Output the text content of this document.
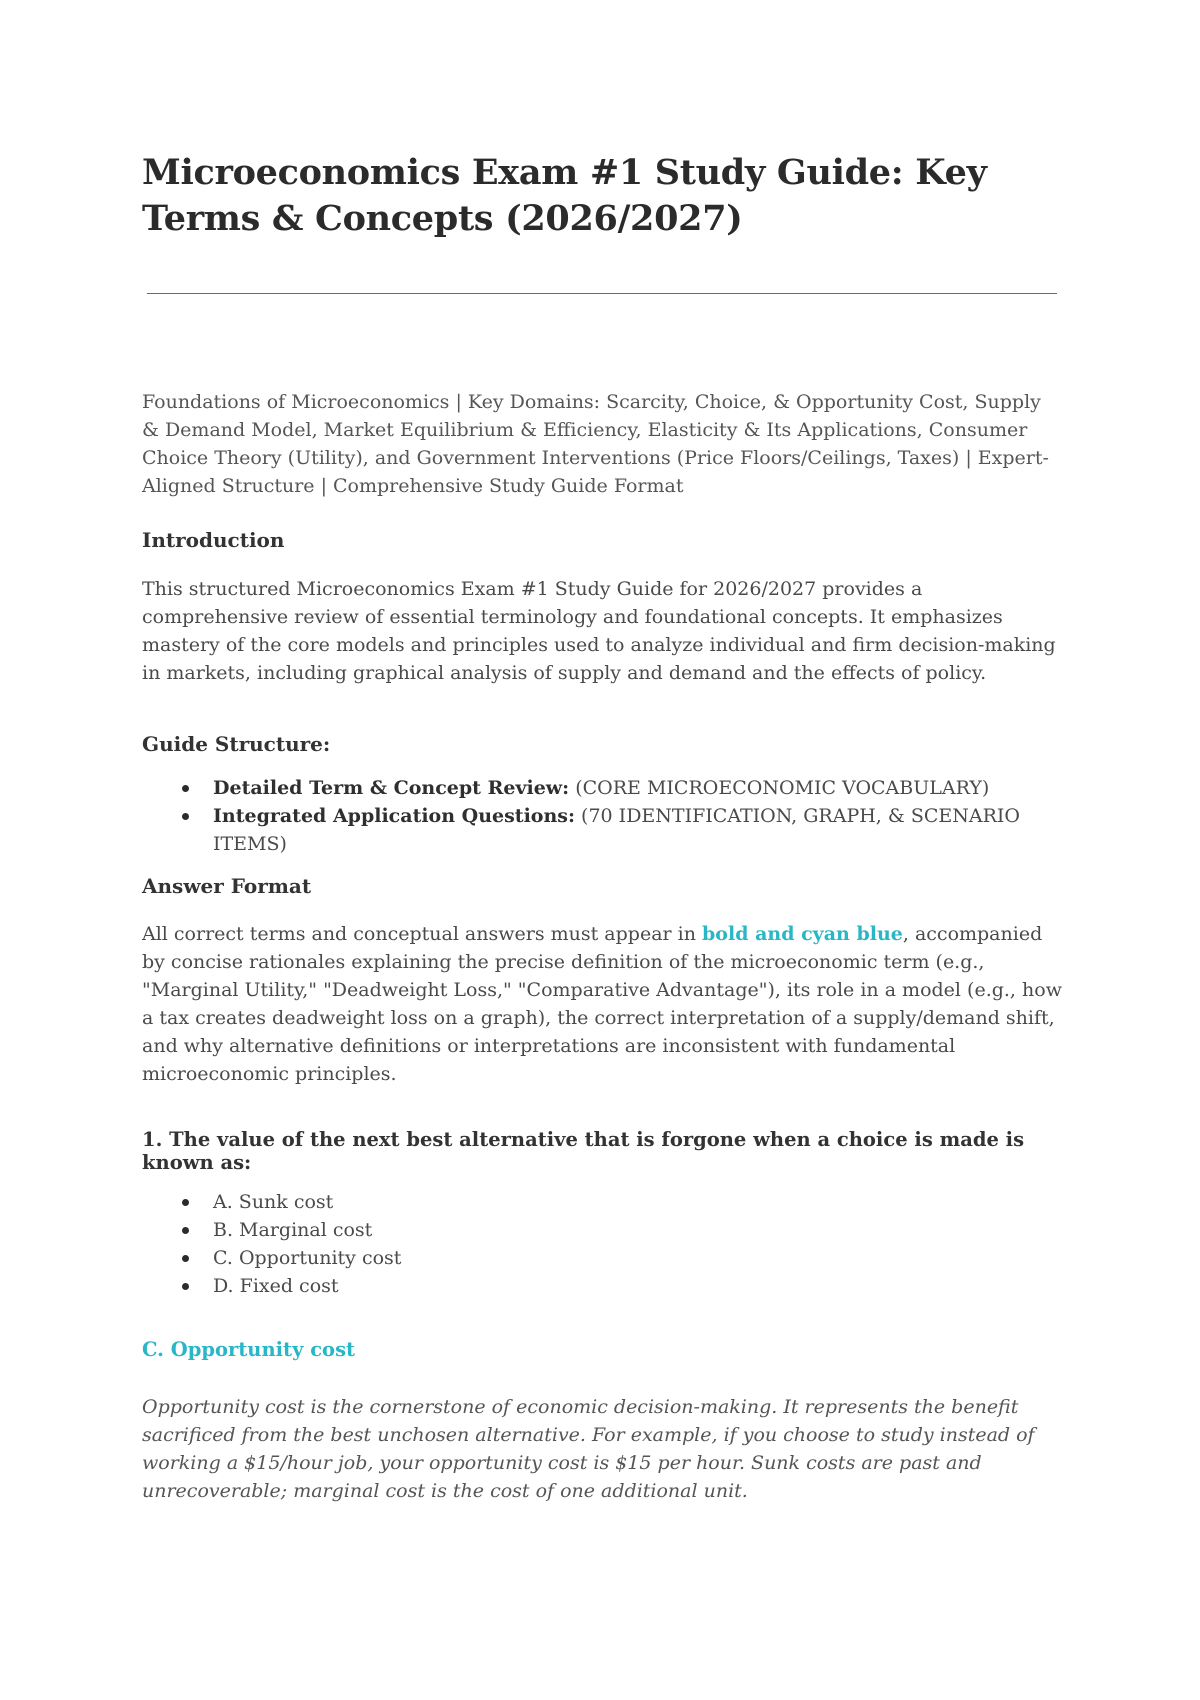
Microeconomics Exam #1 Study Guide: Key Terms & Concepts (2026/2027)

Foundations of Microeconomics | Key Domains: Scarcity, Choice, & Opportunity Cost, Supply & Demand Model, Market Equilibrium & Efficiency, Elasticity & Its Applications, Consumer Choice Theory (Utility), and Government Interventions (Price Floors/Ceilings, Taxes) | Expert-Aligned Structure | Comprehensive Study Guide Format

Introduction

This structured Microeconomics Exam #1 Study Guide for 2026/2027 provides a comprehensive review of essential terminology and foundational concepts. It emphasizes mastery of the core models and principles used to analyze individual and firm decision-making in markets, including graphical analysis of supply and demand and the effects of policy.

Guide Structure:
Detailed Term & Concept Review: (CORE MICROECONOMIC VOCABULARY)
Integrated Application Questions: (70 IDENTIFICATION, GRAPH, & SCENARIO ITEMS)
Answer Format

All correct terms and conceptual answers must appear in bold and cyan blue, accompanied by concise rationales explaining the precise definition of the microeconomic term (e.g., "Marginal Utility," "Deadweight Loss," "Comparative Advantage"), its role in a model (e.g., how a tax creates deadweight loss on a graph), the correct interpretation of a supply/demand shift, and why alternative definitions or interpretations are inconsistent with fundamental microeconomic principles.

1. The value of the next best alternative that is forgone when a choice is made is known as:

A. Sunk cost
B. Marginal cost
C. Opportunity cost
D. Fixed cost

C. Opportunity cost

Opportunity cost is the cornerstone of economic decision-making. It represents the benefit sacrificed from the best unchosen alternative. For example, if you choose to study instead of working a $15/hour job, your opportunity cost is $15 per hour. Sunk costs are past and unrecoverable; marginal cost is the cost of one additional unit.
